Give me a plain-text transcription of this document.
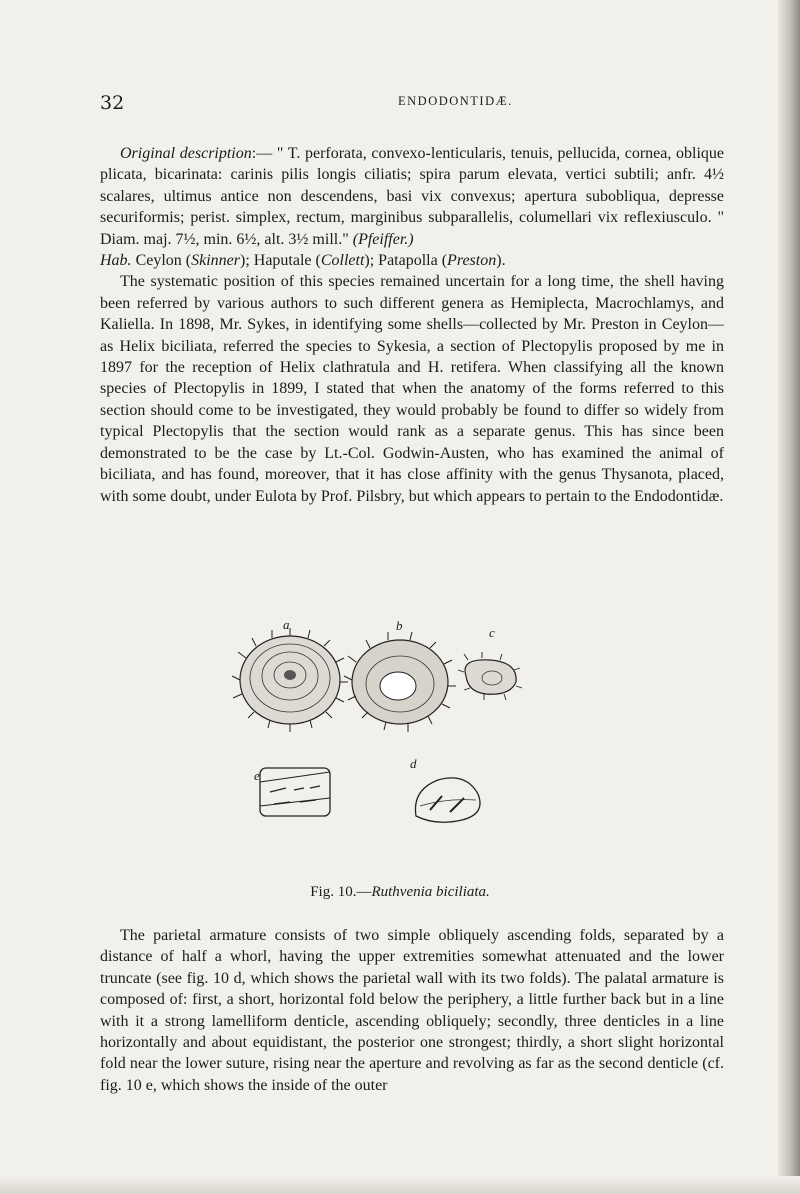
32	ENDODONTIDÆ.

Original description:— " T. perforata, convexo-lenticularis, tenuis, pellucida, cornea, oblique plicata, bicarinata: carinis pilis longis ciliatis; spira parum elevata, vertici subtili; anfr. 4½ scalares, ultimus antice non descendens, basi vix convexus; apertura subobliqua, depresse securiformis; perist. simplex, rectum, marginibus subparallelis, columellari vix reflexiusculo. " Diam. maj. 7½, min. 6½, alt. 3½ mill." (Pfeiffer.)

Hab. Ceylon (Skinner); Haputale (Collett); Patapolla (Preston).

The systematic position of this species remained uncertain for a long time, the shell having been referred by various authors to such different genera as Hemiplecta, Macrochlamys, and Kaliella. In 1898, Mr. Sykes, in identifying some shells—collected by Mr. Preston in Ceylon— as Helix biciliata, referred the species to Sykesia, a section of Plectopylis proposed by me in 1897 for the reception of Helix clathratula and H. retifera. When classifying all the known species of Plectopylis in 1899, I stated that when the anatomy of the forms referred to this section should come to be investigated, they would probably be found to differ so widely from typical Plectopylis that the section would rank as a separate genus. This has since been demonstrated to be the case by Lt.-Col. Godwin-Austen, who has examined the animal of biciliata, and has found, moreover, that it has close affinity with the genus Thysanota, placed, with some doubt, under Eulota by Prof. Pilsbry, but which appears to pertain to the Endodontidæ.

a	b	c
d
e
Fig. 10.—Ruthvenia biciliata.

The parietal armature consists of two simple obliquely ascending folds, separated by a distance of half a whorl, having the upper extremities somewhat attenuated and the lower truncate (see fig. 10 d, which shows the parietal wall with its two folds). The palatal armature is composed of: first, a short, horizontal fold below the periphery, a little further back but in a line with it a strong lamelliform denticle, ascending obliquely; secondly, three denticles in a line horizontally and about equidistant, the posterior one strongest; thirdly, a short slight horizontal fold near the lower suture, rising near the aperture and revolving as far as the second denticle (cf. fig. 10 e, which shows the inside of the outer
